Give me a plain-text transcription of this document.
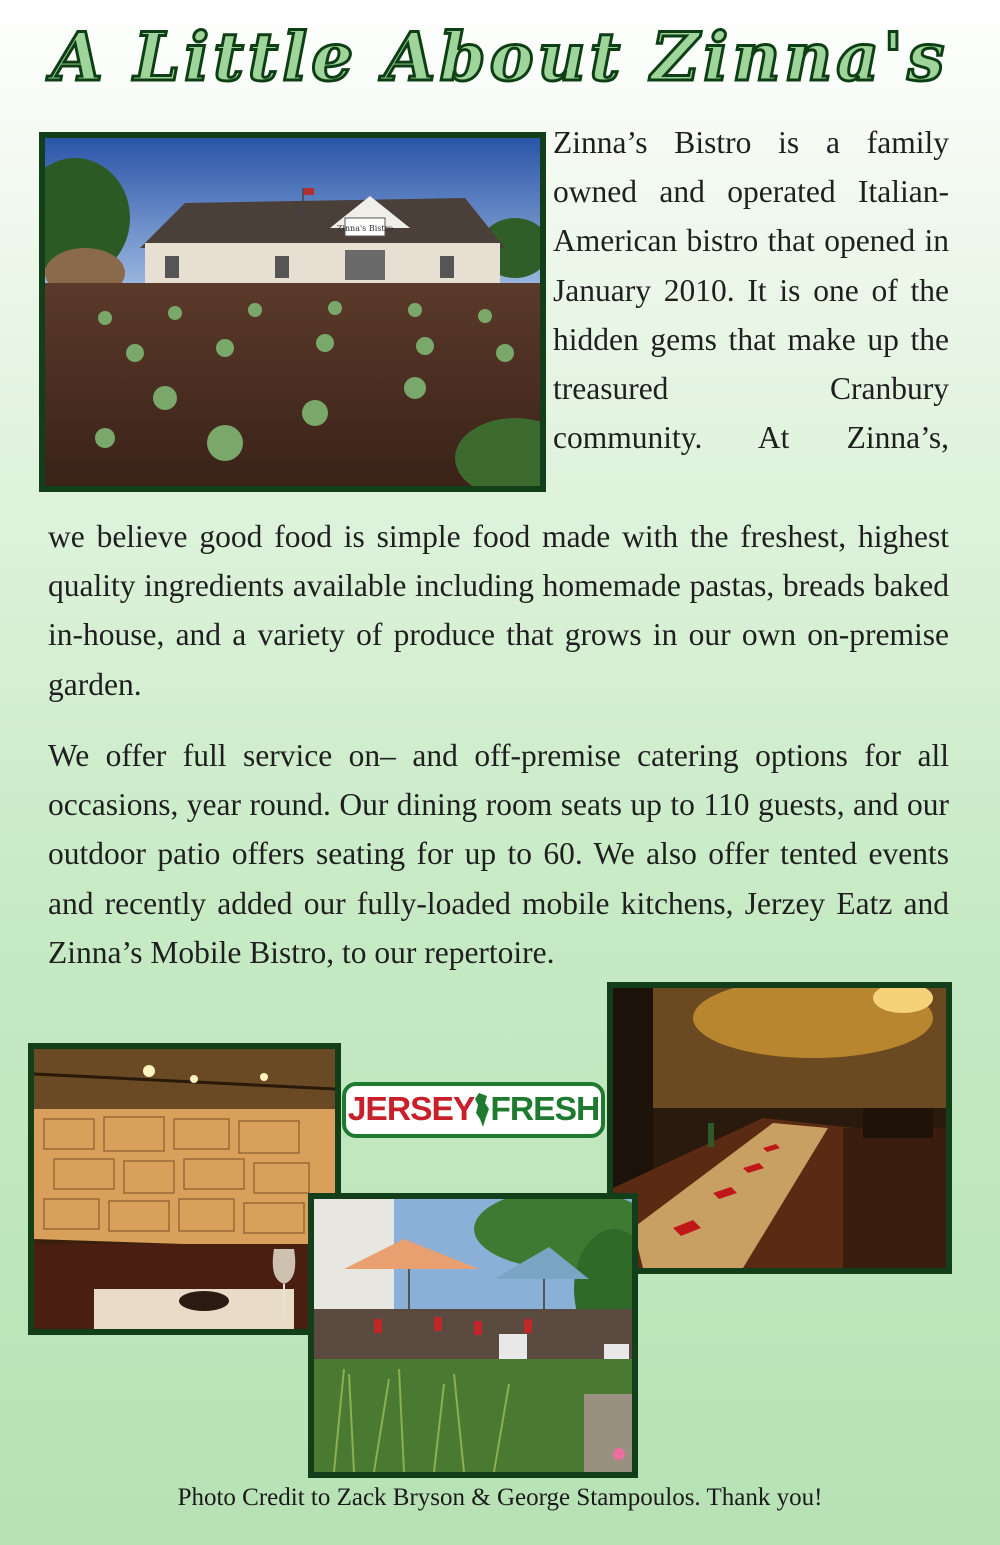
A Little About Zinna's
Zinna's Bistro

Zinna’s Bistro is a family owned and operated Italian-American bistro that opened in January 2010. It is one of the hidden gems that make up the treasured Cranbury community. At Zinna’s,

we believe good food is simple food made with the freshest, highest quality ingredients available including homemade pastas, breads baked in-house, and a variety of produce that grows in our own on-premise garden.

We offer full service on– and off-premise catering options for all occasions, year round. Our dining room seats up to 110 guests, and our outdoor patio offers seating for up to 60. We also offer tented events and recently added our fully-loaded mobile kitchens, Jerzey Eatz and Zinna’s Mobile Bistro, to our repertoire.

JERSEY FRESH
Photo Credit to Zack Bryson & George Stampoulos. Thank you!
